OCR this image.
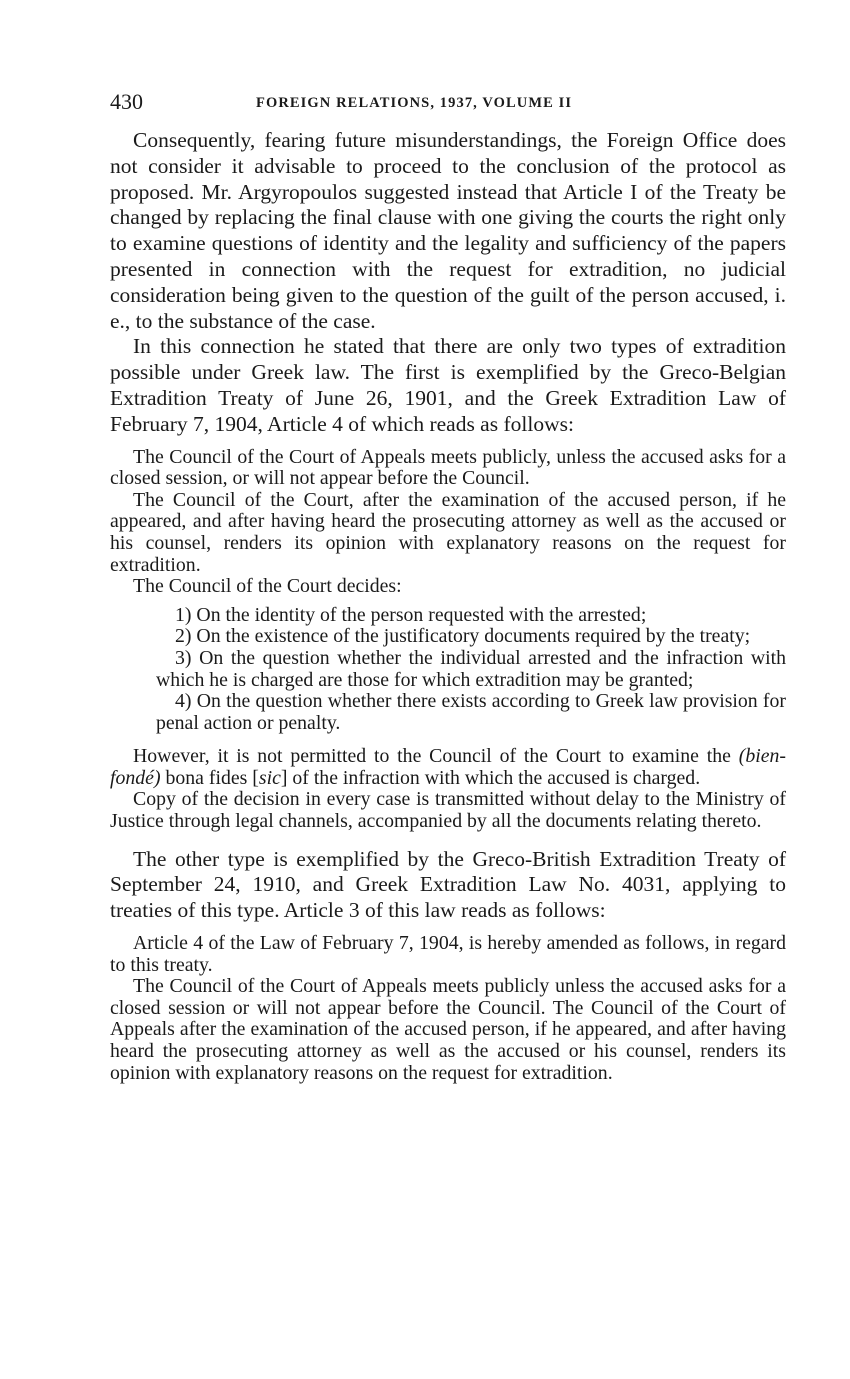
430	FOREIGN RELATIONS, 1937, VOLUME II

Consequently, fearing future misunderstandings, the Foreign Office does not consider it advisable to proceed to the conclusion of the protocol as proposed. Mr. Argyropoulos suggested instead that Article I of the Treaty be changed by replacing the final clause with one giving the courts the right only to examine questions of identity and the legality and sufficiency of the papers presented in connection with the request for extradition, no judicial consideration being given to the question of the guilt of the person accused, i. e., to the substance of the case.

In this connection he stated that there are only two types of extradition possible under Greek law. The first is exemplified by the Greco-Belgian Extradition Treaty of June 26, 1901, and the Greek Extradition Law of February 7, 1904, Article 4 of which reads as follows:

The Council of the Court of Appeals meets publicly, unless the accused asks for a closed session, or will not appear before the Council.

The Council of the Court, after the examination of the accused person, if he appeared, and after having heard the prosecuting attorney as well as the accused or his counsel, renders its opinion with explanatory reasons on the request for extradition.

The Council of the Court decides:

1) On the identity of the person requested with the arrested;

2) On the existence of the justificatory documents required by the treaty;

3) On the question whether the individual arrested and the infraction with which he is charged are those for which extradition may be granted;

4) On the question whether there exists according to Greek law provision for penal action or penalty.

However, it is not permitted to the Council of the Court to examine the (bien-fondé) bona fides [sic] of the infraction with which the accused is charged.

Copy of the decision in every case is transmitted without delay to the Ministry of Justice through legal channels, accompanied by all the documents relating thereto.

The other type is exemplified by the Greco-British Extradition Treaty of September 24, 1910, and Greek Extradition Law No. 4031, applying to treaties of this type. Article 3 of this law reads as follows:

Article 4 of the Law of February 7, 1904, is hereby amended as follows, in regard to this treaty.

The Council of the Court of Appeals meets publicly unless the accused asks for a closed session or will not appear before the Council. The Council of the Court of Appeals after the examination of the accused person, if he appeared, and after having heard the prosecuting attorney as well as the accused or his counsel, renders its opinion with explanatory reasons on the request for extradition.
